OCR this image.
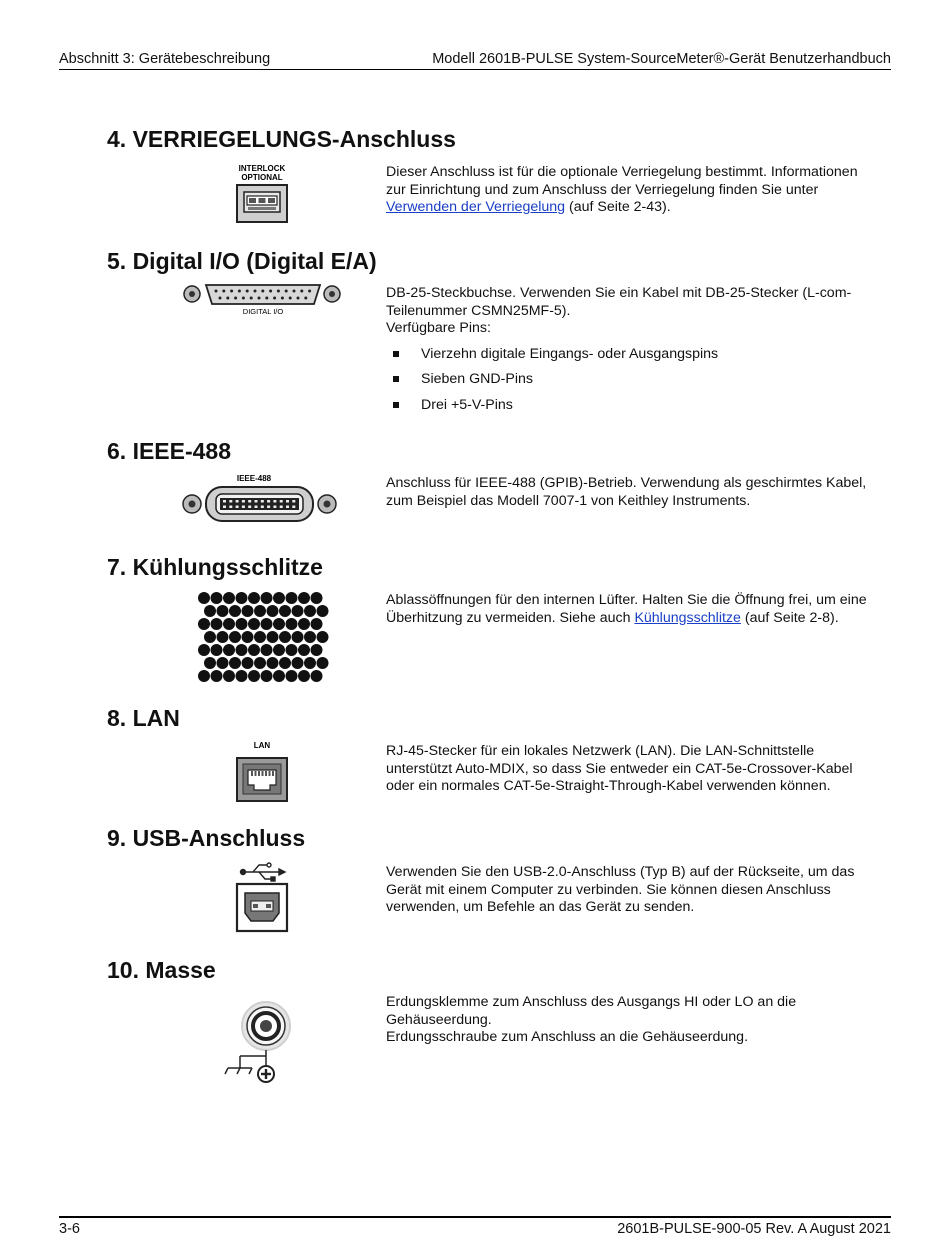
Abschnitt 3: Gerätebeschreibung	Modell 2601B-PULSE System-SourceMeter®-Gerät Benutzerhandbuch
4. VERRIEGELUNGS-Anschluss
INTERLOCK
OPTIONAL	Dieser Anschluss ist für die optionale Verriegelung bestimmt. Informationen zur Einrichtung und zum Anschluss der Verriegelung finden Sie unter Verwenden der Verriegelung (auf Seite 2-43).

5. Digital I/O (Digital E/A)
DIGITAL I/O

DB-25-Steckbuchse. Verwenden Sie ein Kabel mit DB-25-Stecker (L-com-Teilenummer CSMN25MF-5).

Verfügbare Pins:

Vierzehn digitale Eingangs- oder Ausgangspins

Sieben GND-Pins

Drei +5-V-Pins

6. IEEE-488
IEEE-488	Anschluss für IEEE-488 (GPIB)-Betrieb. Verwendung als geschirmtes Kabel, zum Beispiel das Modell 7007-1 von Keithley Instruments.

7. Kühlungsschlitze

Ablassöffnungen für den internen Lüfter. Halten Sie die Öffnung frei, um eine Überhitzung zu vermeiden. Siehe auch Kühlungsschlitze (auf Seite 2-8).

8. LAN
LAN	RJ-45-Stecker für ein lokales Netzwerk (LAN). Die LAN-Schnittstelle unterstützt Auto-MDIX, so dass Sie entweder ein CAT-5e-Crossover-Kabel oder ein normales CAT-5e-Straight-Through-Kabel verwenden können.

9. USB-Anschluss

Verwenden Sie den USB-2.0-Anschluss (Typ B) auf der Rückseite, um das Gerät mit einem Computer zu verbinden. Sie können diesen Anschluss verwenden, um Befehle an das Gerät zu senden.

10. Masse

Erdungsklemme zum Anschluss des Ausgangs HI oder LO an die Gehäuseerdung.

Erdungsschraube zum Anschluss an die Gehäuseerdung.

3-6	2601B-PULSE-900-05 Rev. A August 2021
